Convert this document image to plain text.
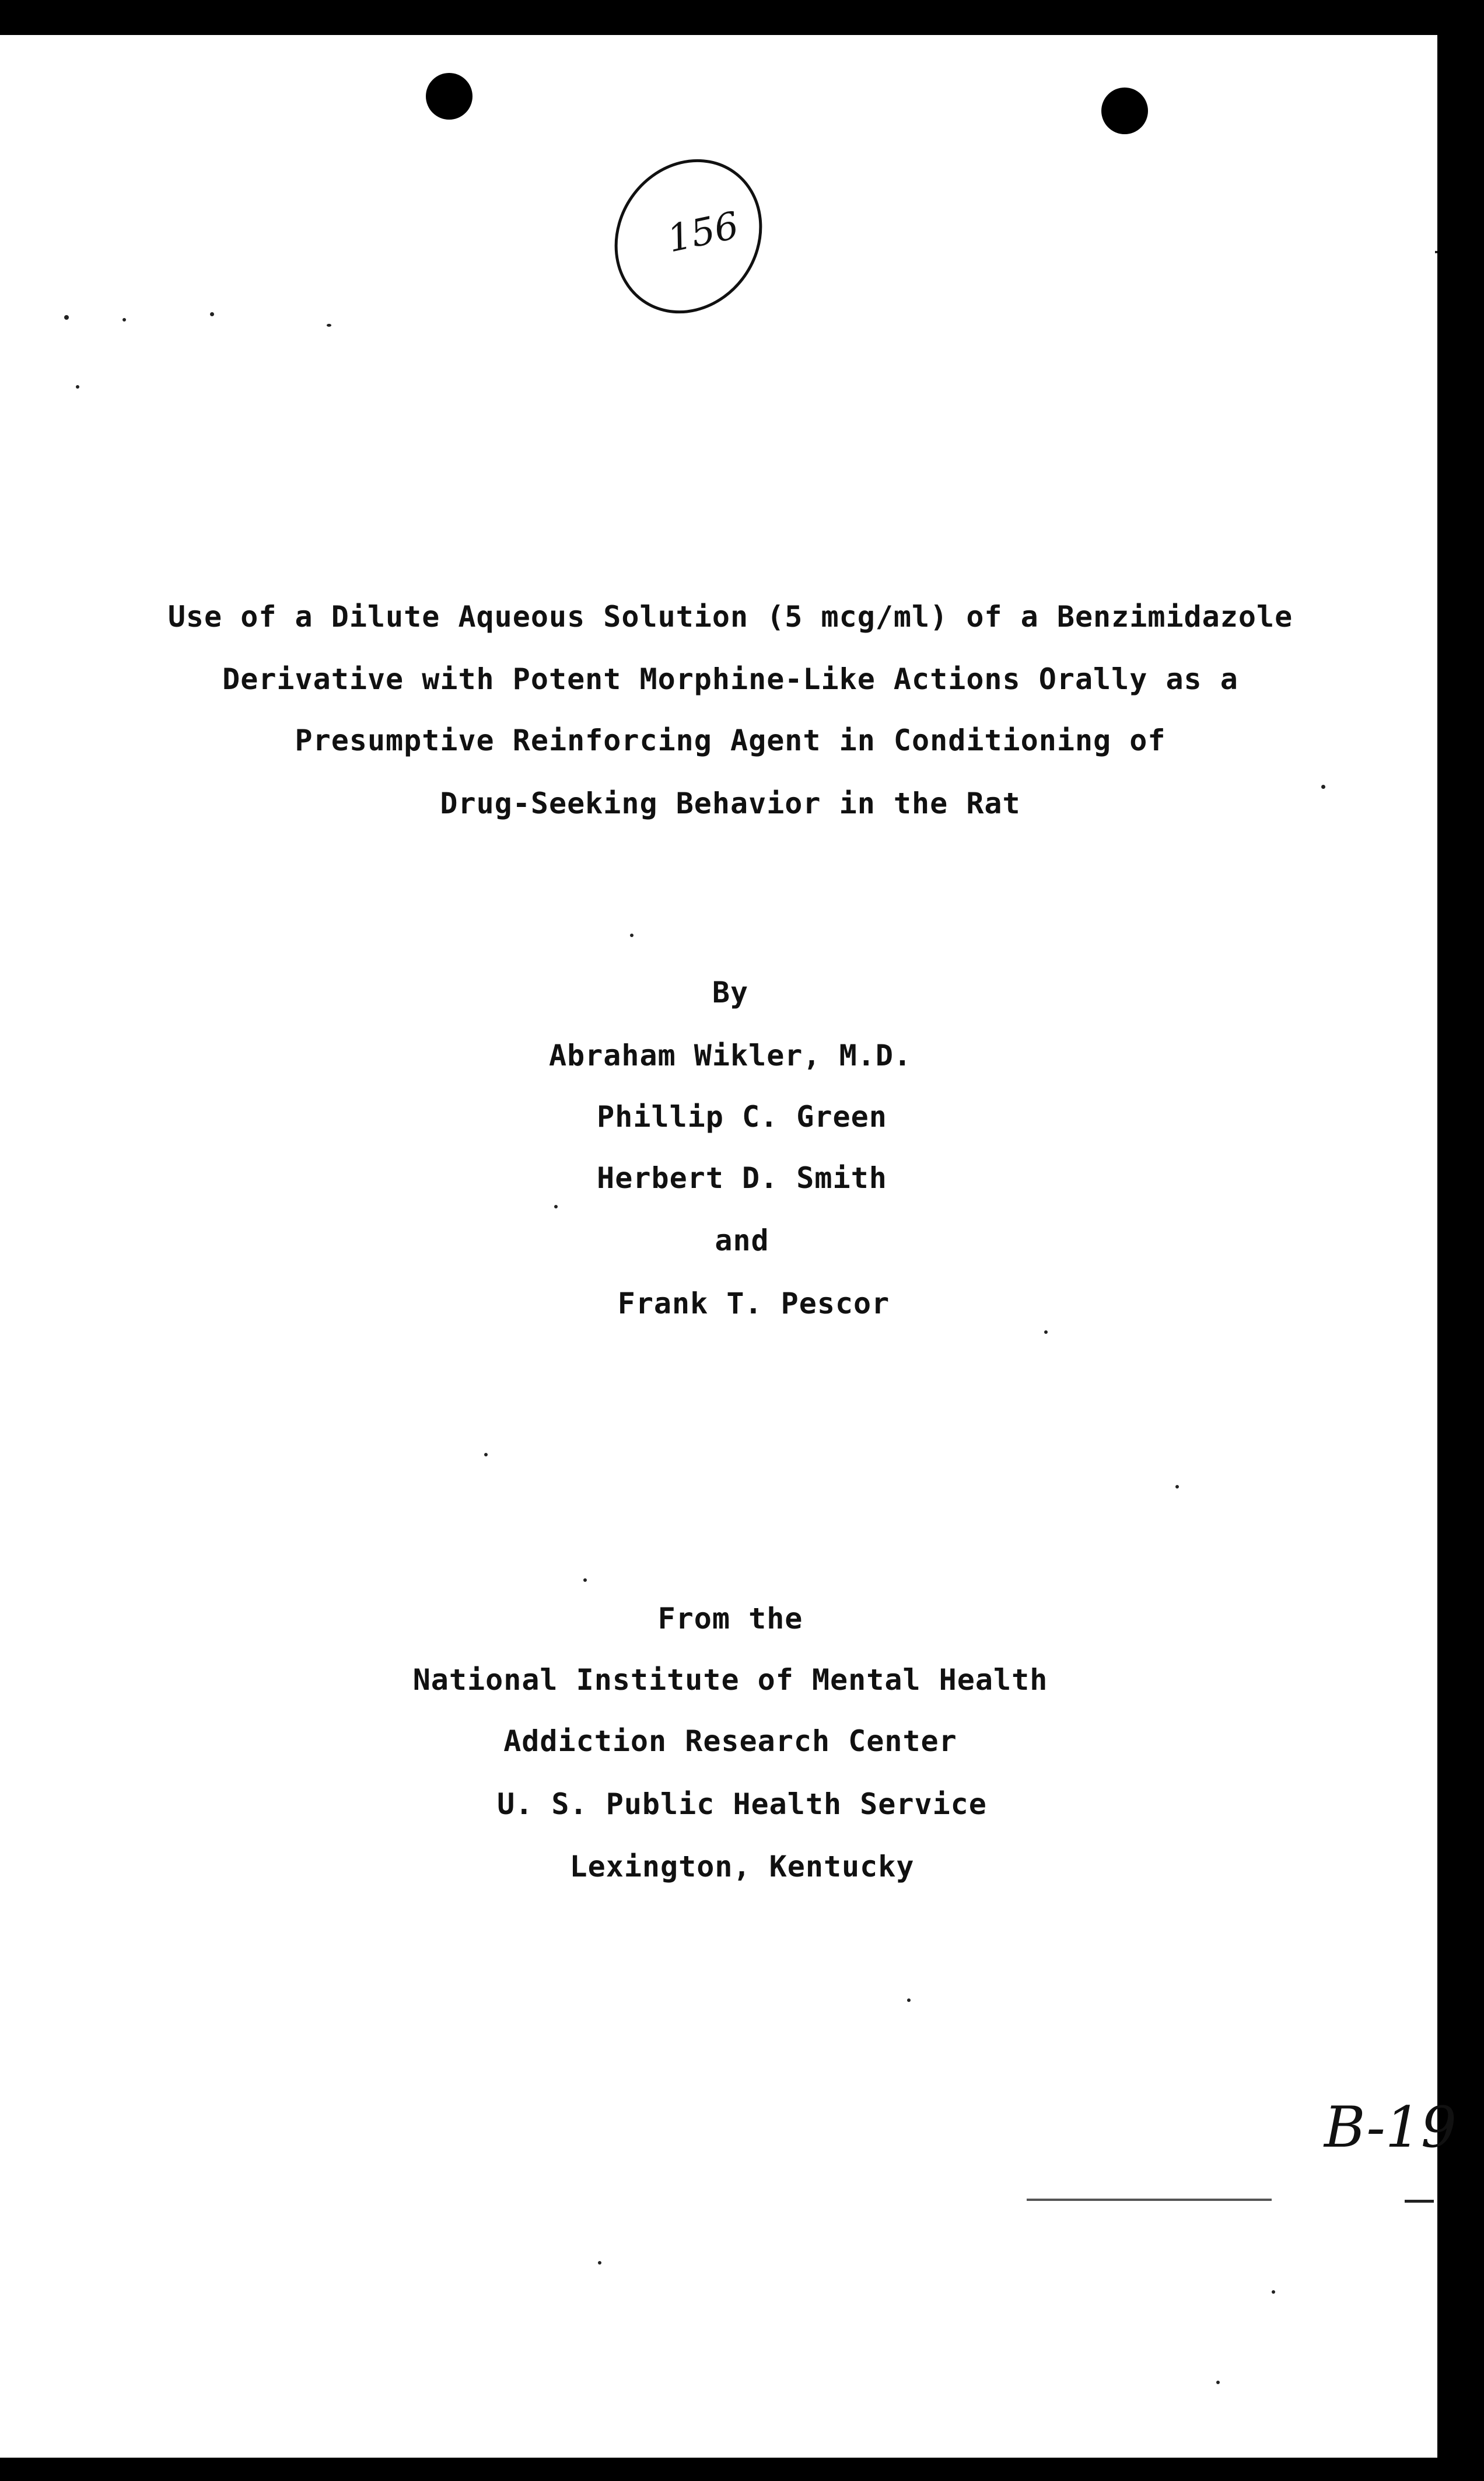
156
Use of a Dilute Aqueous Solution (5 mcg/ml) of a Benzimidazole
Derivative with Potent Morphine-Like Actions Orally as a
Presumptive Reinforcing Agent in Conditioning of
Drug-Seeking Behavior in the Rat
By
Abraham Wikler, M.D.
Phillip C. Green
Herbert D. Smith
and
Frank T. Pescor
From the
National Institute of Mental Health
Addiction Research Center
U. S. Public Health Service
Lexington, Kentucky
B-19
